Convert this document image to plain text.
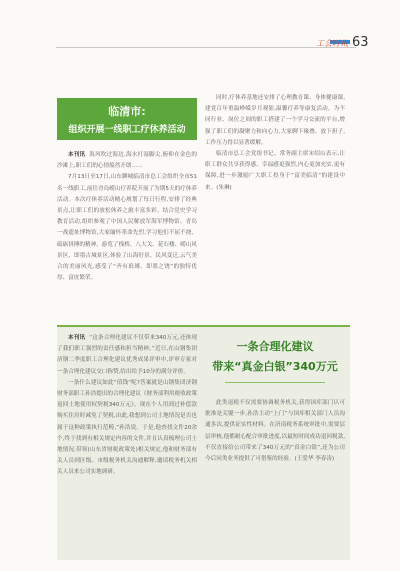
工会时讯 63
临清市:
组织开展一线职工疗休养活动

本刊讯 海风吹过海边,海水打湿脚尖,俯仰在金色的沙滩上,职工们的心情船然开朗……

7月13日至17日,山东聊城临清市总工会组织全市51名一线职工,前往青岛崂山疗养院开展了为期5天的疗休养活动。本次疗休养活动精心规划了每日行程,安排了经典景点,让职工们的放松休养之旅丰富多彩。结合党史学习教育活动,组织参观了中国人民解放军海军博物馆、青岛一战遗址博物馆,大家缅怀革命先烈,学习他们不屈不挠、砥砺拼搏的精神。游览了栈桥、八大关、花石楼、崂山风景区、即墨古城景区,体验了山海好景、民风变迁,云气美合的美丽风光,感受了“齐有琅琊、即墨之饶”的独特优厚、富庶繁荣。

同时,疗休养基地还安排了心理教育课、身体健康课,建党百年重温峥嵘岁月观影,温馨疗养等康复活动。为不同行业、岗位之间的职工搭建了一个学习交流的平台,增强了职工们的凝聚力和向心力,大家聊下缘叠、放下担子,工作压力得以显著缓解。

临清市总工会党组书记、常务副主席宋绍山表示,让职工群众共享获得感、幸福感更强烈,内心更加充实,更有保障,进一步激励广大职工投身于“富美临清”的建设中来。(朱琳)

本刊讯 “这条合理化建议不仅带来340万元,还体现了我们职工强烈的责任感和担当精神。”近日,在山钢集团济钢二季度职工合理化建议优秀成果评审中,评审专家对一条合理化建议交口称赞,给出给予10分的满分评价。

一条什么建议如此“值钱”呢?答案就是山钢集团济钢财务部职工孙浩提出的合理化建议《财务部利用税收政策返回土地使用权契税340万元》。现在个人用到过补偿款购买住房时减免了契税,由此,我想到公司土地情况是否也属于这种政策执行范畴,”孙浩说。于是,他查找文件20余个,终于找到有相关规定内容的文件,并且认真梳理公司土地情况,带领(山东省财税政策处)相关规定,他和财务部有关人员到区级、市级税务机关沟通解释,邀请税务机关相关人员来公司实地调研。

一条合理化建议
带来“真金白银”340万元

此类退税不仅需要协调税务机关,获得国库部门认可批准是关键一步,孙浩主动“上门”与国库相关部门人员沟通多次,提供证实性材料。在济南税务系统审批中,需要层层审核,他都耐心配合审批进度,以最短时间成功退回税款,不仅直接给公司带来了340万元的“真金白银”,还为公司今后同类业务提供了可借鉴的经验。(王爱华 李春涛)
